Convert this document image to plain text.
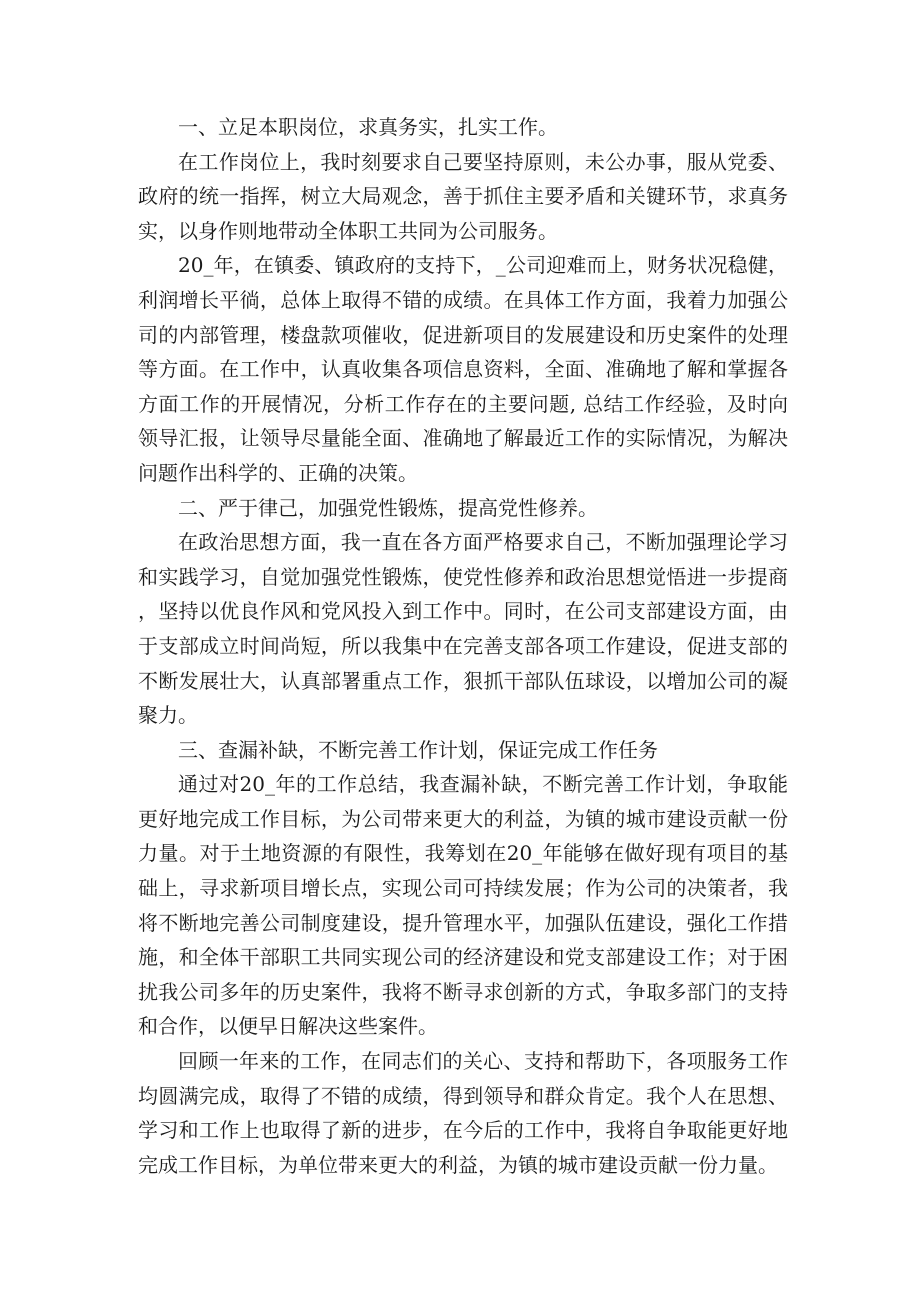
一、立足本职岗位，求真务实，扎实工作。

在工作岗位上，我时刻要求自己要坚持原则，未公办事，服从党委、政府的统一指挥，树立大局观念，善于抓住主要矛盾和关键环节，求真务实，以身作则地带动全体职工共同为公司服务。

20_年，在镇委、镇政府的支持下，_公司迎难而上，财务状况稳健，利润增长平徜，总体上取得不错的成绩。在具体工作方面，我着力加强公司的内部管理，楼盘款项催收，促进新项目的发展建设和历史案件的处理等方面。在工作中，认真收集各项信息资料，全面、准确地了解和掌握各方面工作的开展情况，分析工作存在的主要问题, 总结工作经验，及时向领导汇报，让领导尽量能全面、准确地了解最近工作的实际情况，为解决问题作出科学的、正确的决策。

二、严于律己，加强党性锻炼，提高党性修养。

在政治思想方面，我一直在各方面严格要求自己，不断加强理论学习和实践学习，自觉加强党性锻炼，使党性修养和政治思想觉悟进一步提商，坚持以优良作风和党风投入到工作中。同时，在公司支部建设方面，由于支部成立时间尚短，所以我集中在完善支部各项工作建设，促进支部的不断发展壮大，认真部署重点工作，狠抓干部队伍球设，以增加公司的凝聚力。

三、查漏补缺，不断完善工作计划，保证完成工作任务

通过对20_年的工作总结，我查漏补缺，不断完善工作计划，争取能更好地完成工作目标，为公司带来更大的利益，为镇的城市建设贡献一份力量。对于土地资源的有限性，我筹划在20_年能够在做好现有项目的基础上，寻求新项目增长点，实现公司可持续发展；作为公司的决策者，我将不断地完善公司制度建设，提升管理水平，加强队伍建设，强化工作措施，和全体干部职工共同实现公司的经济建设和党支部建设工作；对于困扰我公司多年的历史案件，我将不断寻求创新的方式，争取多部门的支持和合作，以便早日解决这些案件。

回顾一年来的工作，在同志们的关心、支持和帮助下，各项服务工作均圆满完成，取得了不错的成绩，得到领导和群众肯定。我个人在思想、学习和工作上也取得了新的进步，在今后的工作中，我将自争取能更好地完成工作目标，为单位带来更大的利益，为镇的城市建设贡献一份力量。
